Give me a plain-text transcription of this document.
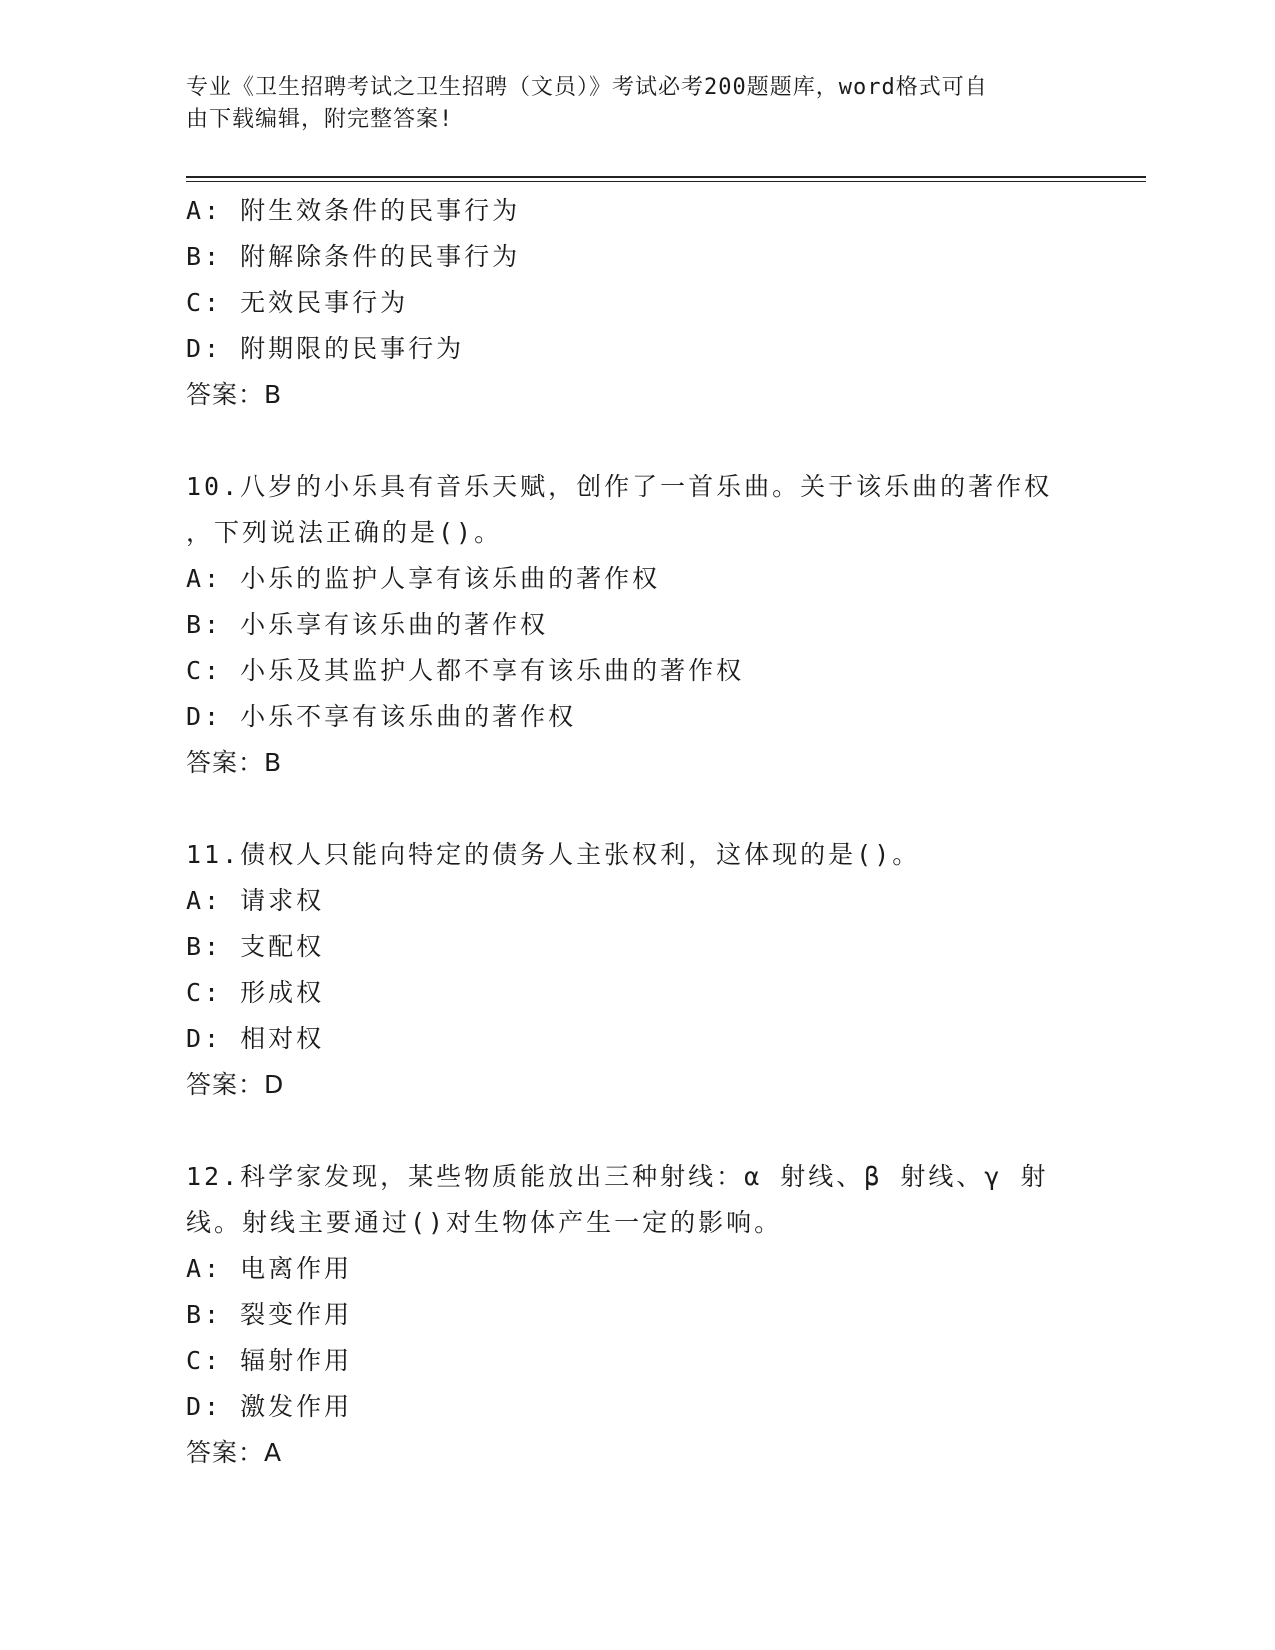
专业《卫生招聘考试之卫生招聘（文员）》考试必考200题题库，word格式可自
由下载编辑，附完整答案!
A: 附生效条件的民事行为
B: 附解除条件的民事行为
C: 无效民事行为
D: 附期限的民事行为
答案：B
10.八岁的小乐具有音乐天赋，创作了一首乐曲。关于该乐曲的著作权
，下列说法正确的是()。
A: 小乐的监护人享有该乐曲的著作权
B: 小乐享有该乐曲的著作权
C: 小乐及其监护人都不享有该乐曲的著作权
D: 小乐不享有该乐曲的著作权
答案：B
11.债权人只能向特定的债务人主张权利，这体现的是()。
A: 请求权
B: 支配权
C: 形成权
D: 相对权
答案：D
12.科学家发现，某些物质能放出三种射线：α 射线、β 射线、γ 射
线。射线主要通过()对生物体产生一定的影响。
A: 电离作用
B: 裂变作用
C: 辐射作用
D: 激发作用
答案：A
